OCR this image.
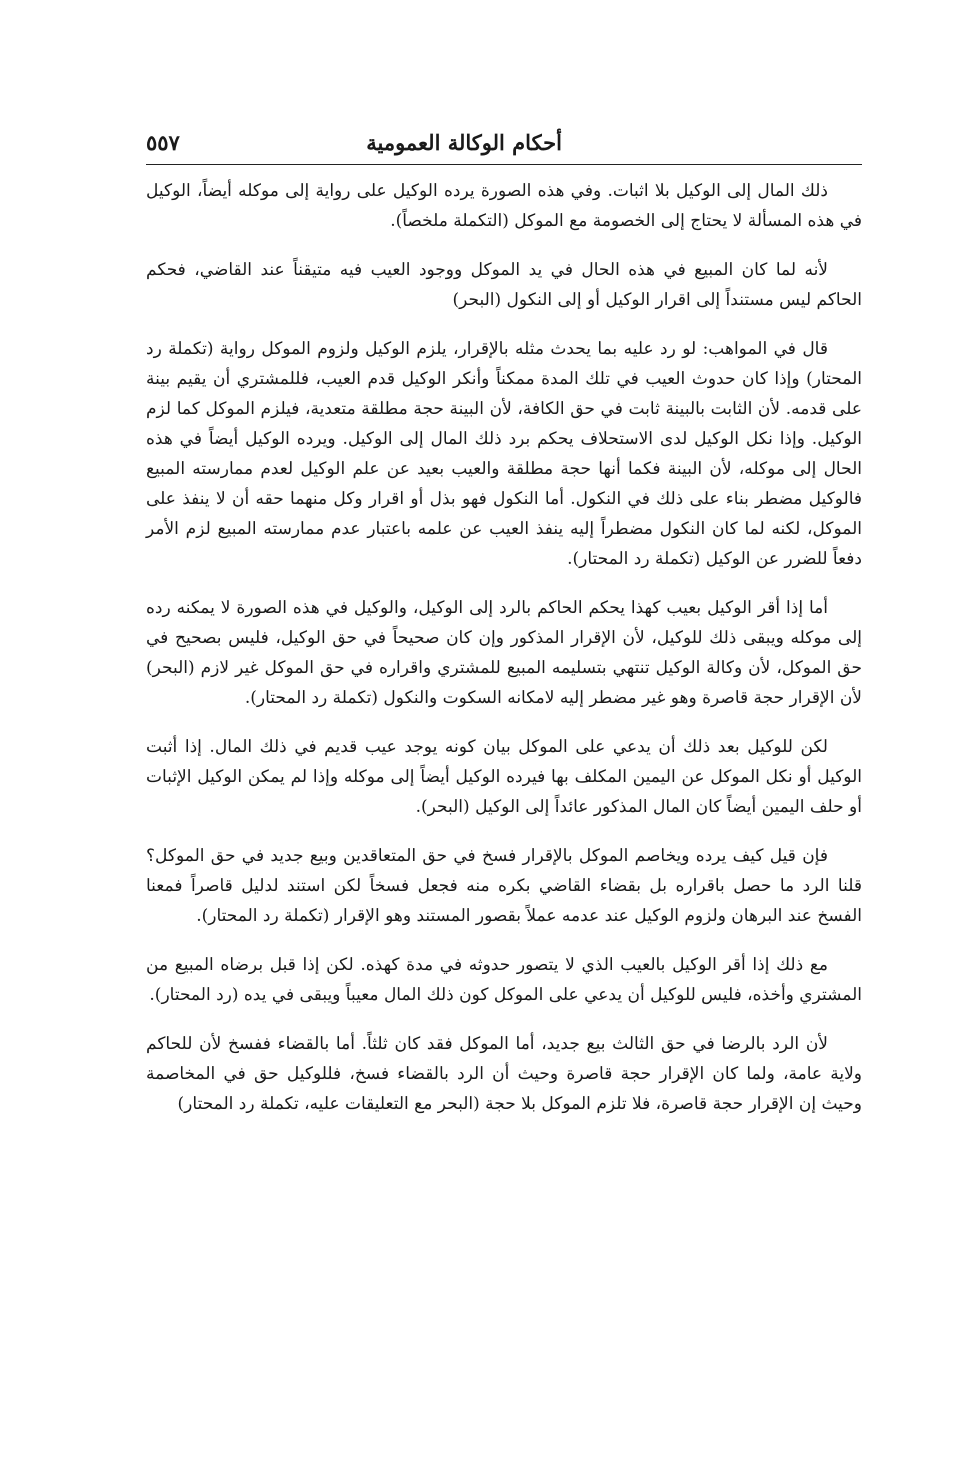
أحكام الوكالة العمومية
٥٥٧

ذلك المال إلى الوكيل بلا اثبات. وفي هذه الصورة يرده الوكيل على رواية إلى موكله أيضاً، الوكيل في هذه المسألة لا يحتاج إلى الخصومة مع الموكل (التكملة ملخصاً).

لأنه لما كان المبيع في هذه الحال في يد الموكل ووجود العيب فيه متيقناً عند القاضي، فحكم الحاكم ليس مستنداً إلى اقرار الوكيل أو إلى النكول (البحر)

قال في المواهب: لو رد عليه بما يحدث مثله بالإقرار، يلزم الوكيل ولزوم الموكل رواية (تكملة رد المحتار) وإذا كان حدوث العيب في تلك المدة ممكناً وأنكر الوكيل قدم العيب، فللمشتري أن يقيم بينة على قدمه. لأن الثابت بالبينة ثابت في حق الكافة، لأن البينة حجة مطلقة متعدية، فيلزم الموكل كما لزم الوكيل. وإذا نكل الوكيل لدى الاستحلاف يحكم برد ذلك المال إلى الوكيل. ويرده الوكيل أيضاً في هذه الحال إلى موكله، لأن البينة فكما أنها حجة مطلقة والعيب بعيد عن علم الوكيل لعدم ممارسته المبيع فالوكيل مضطر بناء على ذلك في النكول. أما النكول فهو بذل أو اقرار وكل منهما حقه أن لا ينفذ على الموكل، لكنه لما كان النكول مضطراً إليه ينفذ العيب عن علمه باعتبار عدم ممارسته المبيع لزم الأمر دفعاً للضرر عن الوكيل (تكملة رد المحتار).

أما إذا أقر الوكيل بعيب كهذا يحكم الحاكم بالرد إلى الوكيل، والوكيل في هذه الصورة لا يمكنه رده إلى موكله ويبقى ذلك للوكيل، لأن الإقرار المذكور وإن كان صحيحاً في حق الوكيل، فليس بصحيح في حق الموكل، لأن وكالة الوكيل تنتهي بتسليمه المبيع للمشتري واقراره في حق الموكل غير لازم (البحر) لأن الإقرار حجة قاصرة وهو غير مضطر إليه لامكانه السكوت والنكول (تكملة رد المحتار).

لكن للوكيل بعد ذلك أن يدعي على الموكل بيان كونه يوجد عيب قديم في ذلك المال. إذا أثبت الوكيل أو نكل الموكل عن اليمين المكلف بها فيرده الوكيل أيضاً إلى موكله وإذا لم يمكن الوكيل الإثبات أو حلف اليمين أيضاً كان المال المذكور عائداً إلى الوكيل (البحر).

فإن قيل كيف يرده ويخاصم الموكل بالإقرار فسخ في حق المتعاقدين وبيع جديد في حق الموكل؟ قلنا الرد ما حصل باقراره بل بقضاء القاضي بكره منه فجعل فسخاً لكن استند لدليل قاصراً فمعنا الفسخ عند البرهان ولزوم الوكيل عند عدمه عملاً بقصور المستند وهو الإقرار (تكملة رد المحتار).

مع ذلك إذا أقر الوكيل بالعيب الذي لا يتصور حدوثه في مدة كهذه. لكن إذا قبل برضاه المبيع من المشتري وأخذه، فليس للوكيل أن يدعي على الموكل كون ذلك المال معيباً ويبقى في يده (رد المحتار).

لأن الرد بالرضا في حق الثالث بيع جديد، أما الموكل فقد كان ثلثاً. أما بالقضاء ففسخ لأن للحاكم ولاية عامة، ولما كان الإقرار حجة قاصرة وحيث أن الرد بالقضاء فسخ، فللوكيل حق في المخاصمة وحيث إن الإقرار حجة قاصرة، فلا تلزم الموكل بلا حجة (البحر مع التعليقات عليه، تكملة رد المحتار)
